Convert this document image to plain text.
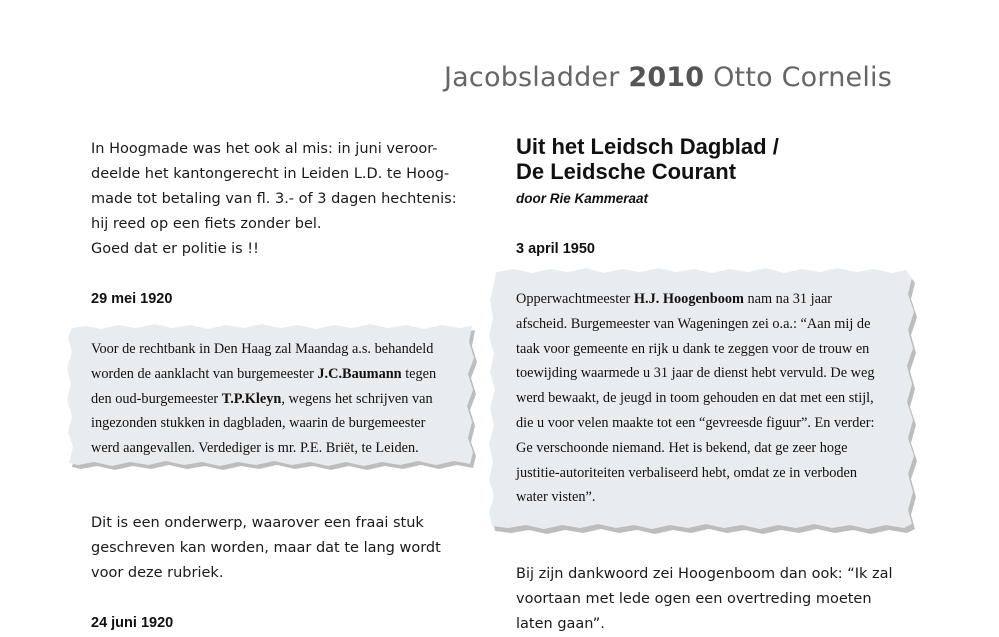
Jacobsladder 2010 Otto Cornelis
In Hoogmade was het ook al mis: in juni veroor-
deelde het kantongerecht in Leiden L.D. te Hoog-
made tot betaling van fl. 3.- of 3 dagen hechtenis:
hij reed op een fiets zonder bel.
Goed dat er politie is !!
29 mei 1920
Voor de rechtbank in Den Haag zal Maandag a.s. behandeld
worden de aanklacht van burgemeester J.C.Baumann tegen
den oud-burgemeester T.P.Kleyn, wegens het schrijven van
ingezonden stukken in dagbladen, waarin de burgemeester
werd aangevallen. Verdediger is mr. P.E. Briët, te Leiden.
Dit is een onderwerp, waarover een fraai stuk
geschreven kan worden, maar dat te lang wordt
voor deze rubriek.
24 juni 1920
Uit het Leidsch Dagblad /
De Leidsche Courant
door Rie Kammeraat
3 april 1950
Opperwachtmeester H.J. Hoogenboom nam na 31 jaar
afscheid. Burgemeester van Wageningen zei o.a.: “Aan mij de
taak voor gemeente en rijk u dank te zeggen voor de trouw en
toewijding waarmede u 31 jaar de dienst hebt vervuld. De weg
werd bewaakt, de jeugd in toom gehouden en dat met een stijl,
die u voor velen maakte tot een “gevreesde figuur”. En verder:
Ge verschoonde niemand. Het is bekend, dat ge zeer hoge
justitie-autoriteiten verbaliseerd hebt, omdat ze in verboden
water visten”.
Bij zijn dankwoord zei Hoogenboom dan ook: “Ik zal
voortaan met lede ogen een overtreding moeten
laten gaan”.
